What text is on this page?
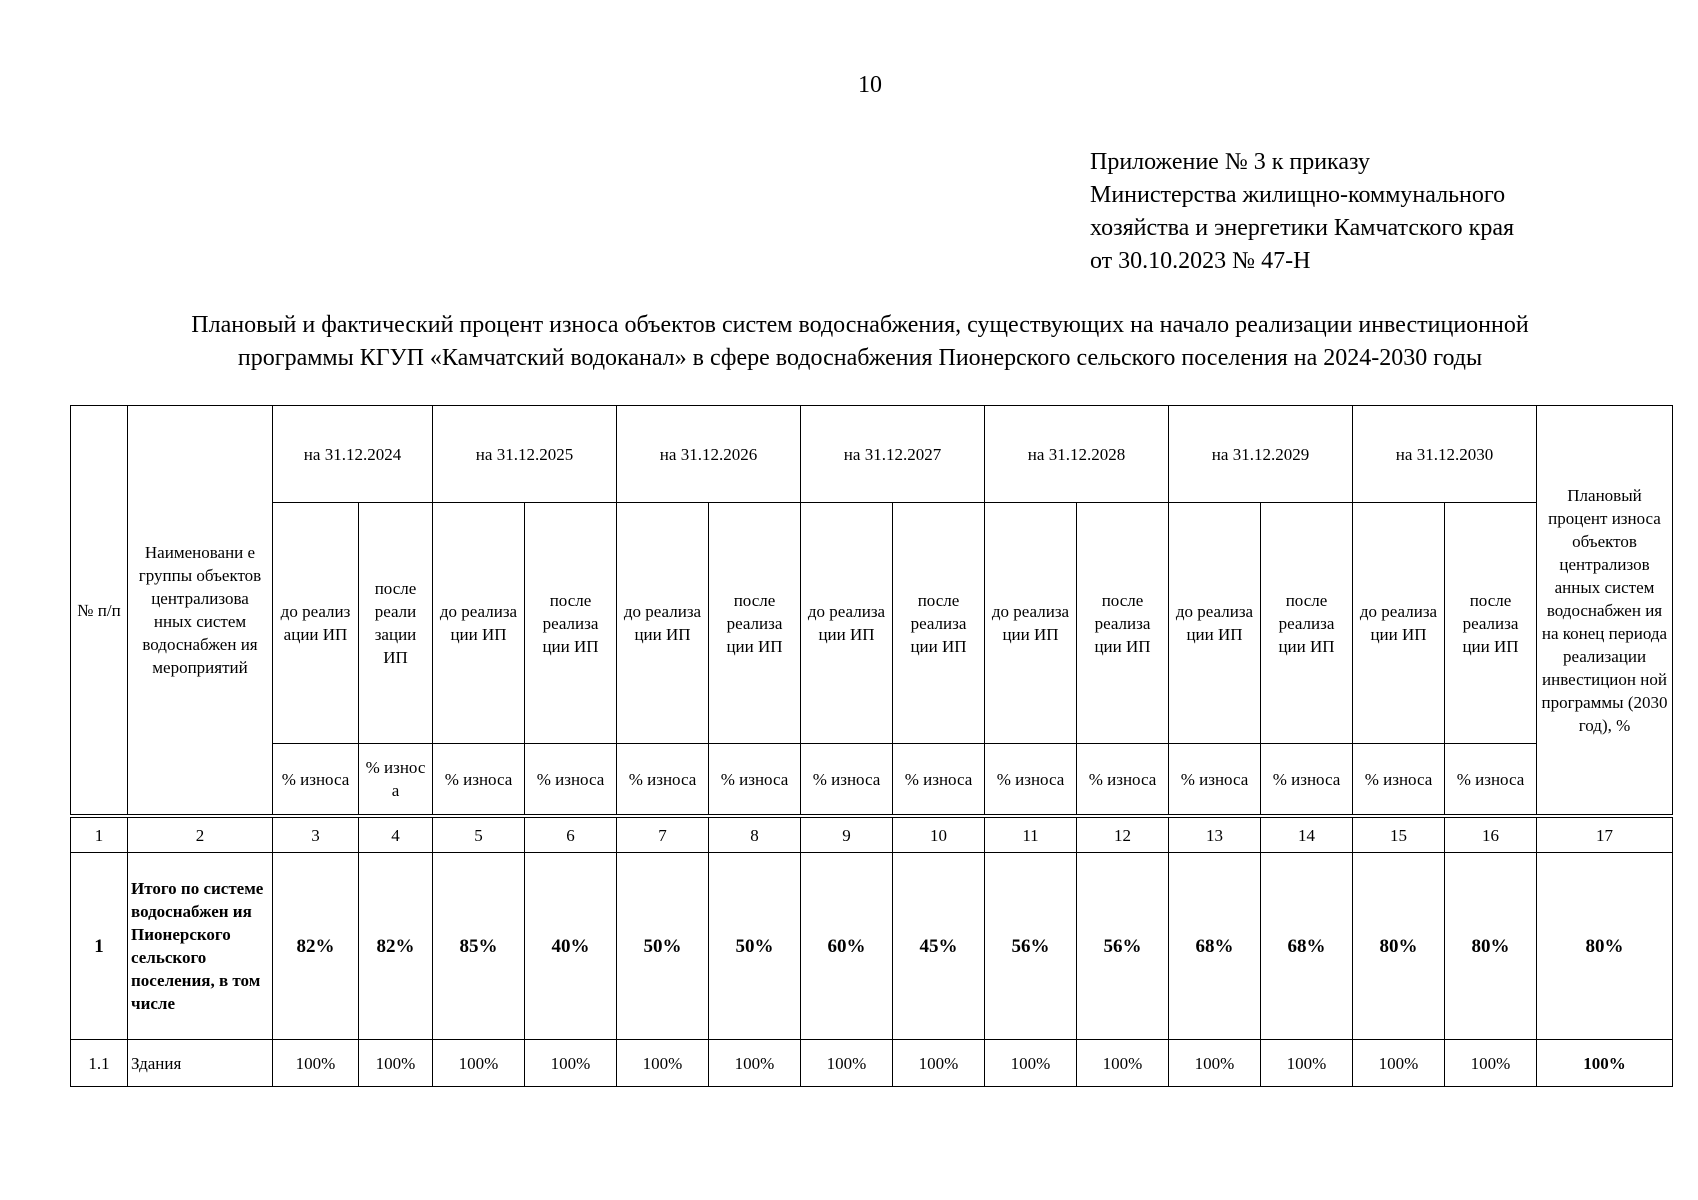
10
Приложение № 3 к приказу
Министерства жилищно-коммунального
хозяйства и энергетики Камчатского края
от 30.10.2023 № 47-Н
Плановый и фактический процент износа объектов систем водоснабжения, существующих на начало реализации инвестиционной
программы КГУП «Камчатский водоканал» в сфере водоснабжения Пионерского сельского поселения на 2024-2030 годы
№ п/п	Наименовани е группы объектов централизова нных систем водоснабжен ия мероприятий	на 31.12.2024		на 31.12.2025		на 31.12.2026		на 31.12.2027		на 31.12.2028		на 31.12.2029		на 31.12.2030		Плановый процент износа объектов централизов анных систем водоснабжен ия на конец периода реализации инвестицион ной программы (2030 год), %
		до реализ ации ИП	после реали зации ИП	до реализа ции ИП	после реализа ции ИП	до реализа ции ИП	после реализа ции ИП	до реализа ции ИП	после реализа ции ИП	до реализа ции ИП	после реализа ции ИП	до реализа ции ИП	после реализа ции ИП	до реализа ции ИП	после реализа ции ИП	
		% износа	% износ а	% износа	% износа	% износа	% износа	% износа	% износа	% износа	% износа	% износа	% износа	% износа	% износа	
1	2	3	4	5	6	7	8	9	10	11	12	13	14	15	16	17
1	Итого по системе водоснабжен ия Пионерского сельского поселения, в том числе	82%	82%	85%	40%	50%	50%	60%	45%	56%	56%	68%	68%	80%	80%	80%
1.1	Здания	100%	100%	100%	100%	100%	100%	100%	100%	100%	100%	100%	100%	100%	100%	100%
